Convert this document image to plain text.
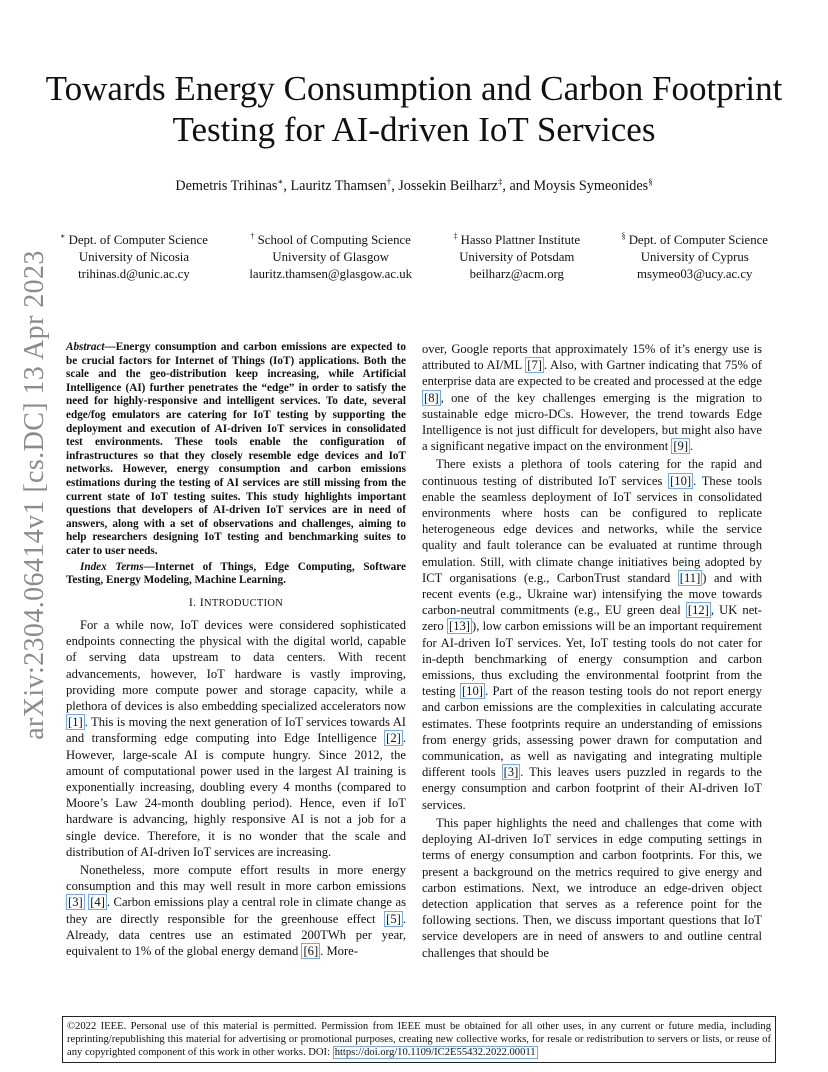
arXiv:2304.06414v1 [cs.DC] 13 Apr 2023
Towards Energy Consumption and Carbon Footprint
Testing for AI-driven IoT Services
Demetris Trihinas∗, Lauritz Thamsen†, Jossekin Beilharz‡, and Moysis Symeonides§
∗ Dept. of Computer Science
University of Nicosia
trihinas.d@unic.ac.cy
† School of Computing Science
University of Glasgow
lauritz.thamsen@glasgow.ac.uk
‡ Hasso Plattner Institute
University of Potsdam
beilharz@acm.org
§ Dept. of Computer Science
University of Cyprus
msymeo03@ucy.ac.cy

Abstract—Energy consumption and carbon emissions are expected to be crucial factors for Internet of Things (IoT) applications. Both the scale and the geo-distribution keep increasing, while Artificial Intelligence (AI) further penetrates the “edge” in order to satisfy the need for highly-responsive and intelligent services. To date, several edge/fog emulators are catering for IoT testing by supporting the deployment and execution of AI-driven IoT services in consolidated test environments. These tools enable the configuration of infrastructures so that they closely resemble edge devices and IoT networks. However, energy consumption and carbon emissions estimations during the testing of AI services are still missing from the current state of IoT testing suites. This study highlights important questions that developers of AI-driven IoT services are in need of answers, along with a set of observations and challenges, aiming to help researchers designing IoT testing and benchmarking suites to cater to user needs.

Index Terms—Internet of Things, Edge Computing, Software Testing, Energy Modeling, Machine Learning.

I. INTRODUCTION

For a while now, IoT devices were considered sophisticated endpoints connecting the physical with the digital world, capable of serving data upstream to data centers. With recent advancements, however, IoT hardware is vastly improving, providing more compute power and storage capacity, while a plethora of devices is also embedding specialized accelerators now [1] . This is moving the next generation of IoT services towards AI and transforming edge computing into Edge Intelligence [2] . However, large-scale AI is compute hungry. Since 2012, the amount of computational power used in the largest AI training is exponentially increasing, doubling every 4 months (compared to Moore’s Law 24-month doubling period). Hence, even if IoT hardware is advancing, highly responsive AI is not a job for a single device. Therefore, it is no wonder that the scale and distribution of AI-driven IoT services are increasing.

Nonetheless, more compute effort results in more energy consumption and this may well result in more carbon emissions [3] [4] . Carbon emissions play a central role in climate change as they are directly responsible for the greenhouse effect [5] . Already, data centres use an estimated 200TWh per year, equivalent to 1% of the global energy demand [6] . More-

over, Google reports that approximately 15% of it’s energy use is attributed to AI/ML [7] . Also, with Gartner indicating that 75% of enterprise data are expected to be created and processed at the edge [8] , one of the key challenges emerging is the migration to sustainable edge micro-DCs. However, the trend towards Edge Intelligence is not just difficult for developers, but might also have a significant negative impact on the environment [9] .

There exists a plethora of tools catering for the rapid and continuous testing of distributed IoT services [10] . These tools enable the seamless deployment of IoT services in consolidated environments where hosts can be configured to replicate heterogeneous edge devices and networks, while the service quality and fault tolerance can be evaluated at runtime through emulation. Still, with climate change initiatives being adopted by ICT organisations (e.g., CarbonTrust standard [11] ) and with recent events (e.g., Ukraine war) intensifying the move towards carbon-neutral commitments (e.g., EU green deal [12] , UK net-zero [13] ), low carbon emissions will be an important requirement for AI-driven IoT services. Yet, IoT testing tools do not cater for in-depth benchmarking of energy consumption and carbon emissions, thus excluding the environmental footprint from the testing [10] . Part of the reason testing tools do not report energy and carbon emissions are the complexities in calculating accurate estimates. These footprints require an understanding of emissions from energy grids, assessing power drawn for computation and communication, as well as navigating and integrating multiple different tools [3] . This leaves users puzzled in regards to the energy consumption and carbon footprint of their AI-driven IoT services.

This paper highlights the need and challenges that come with deploying AI-driven IoT services in edge computing settings in terms of energy consumption and carbon footprints. For this, we present a background on the metrics required to give energy and carbon estimations. Next, we introduce an edge-driven object detection application that serves as a reference point for the following sections. Then, we discuss important questions that IoT service developers are in need of answers to and outline central challenges that should be

©2022 IEEE. Personal use of this material is permitted. Permission from IEEE must be obtained for all other uses, in any current or future media, including reprinting/republishing this material for advertising or promotional purposes, creating new collective works, for resale or redistribution to servers or lists, or reuse of any copyrighted component of this work in other works. DOI: https://doi.org/10.1109/IC2E55432.2022.00011
